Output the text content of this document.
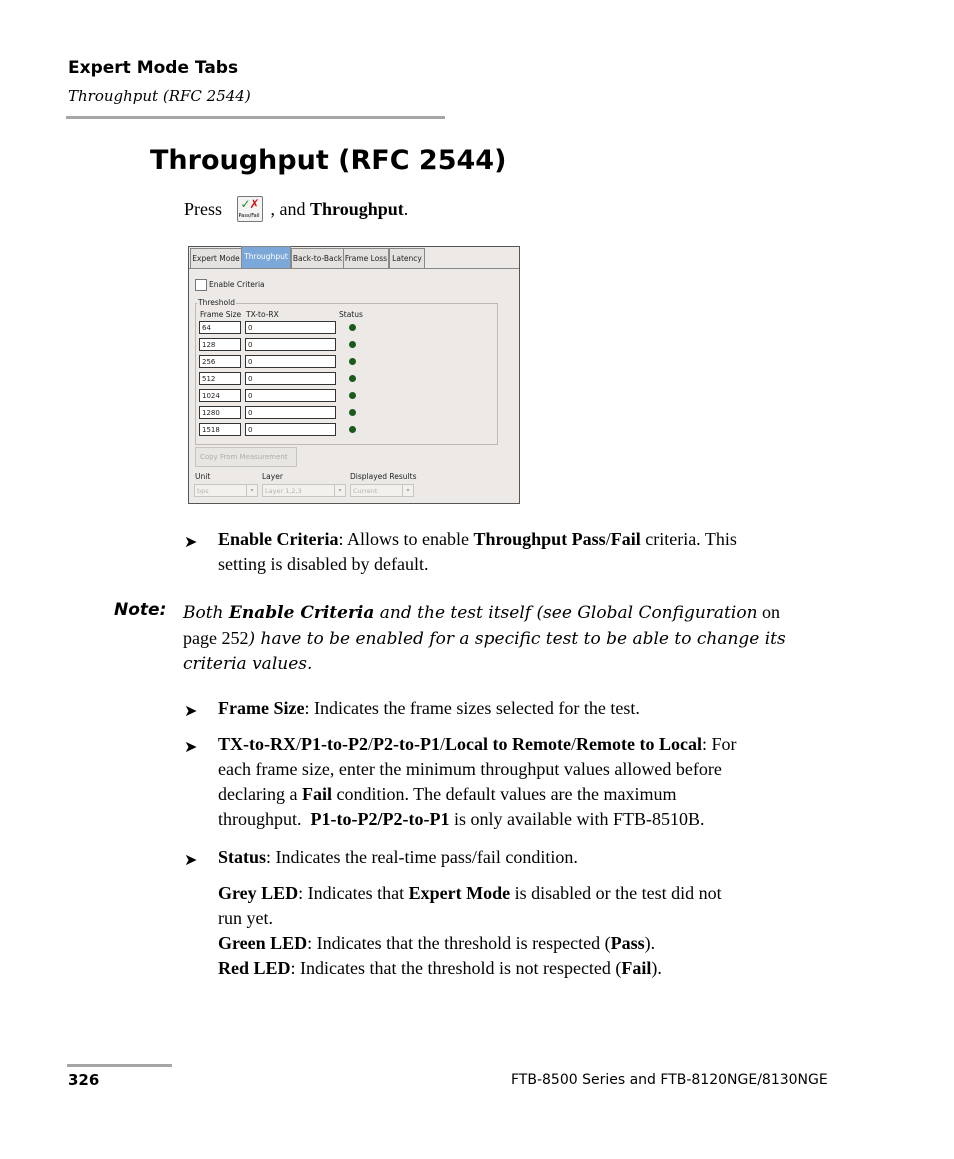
Expert Mode Tabs
Throughput (RFC 2544)
Throughput (RFC 2544)
Press ✓
✗
Pass/Fail , and Throughput.
Expert Mode Throughput Back-to-Back Frame Loss Latency
Enable Criteria
Threshold
Frame Size TX-to-RX	Status
64	0
128	0
256	0
512	0
1024	0
1280	0
1518	0
Copy From Measurement
Unit	Layer	Displayed Results
bps	▾	Layer 1,2,3	▾	Current	▾
➤ Enable Criteria: Allows to enable Throughput Pass/Fail criteria. This
setting is disabled by default.
Note: Both Enable Criteria and the test itself (see Global Configuration on
page 252) have to be enabled for a specific test to be able to change its
criteria values.
➤ Frame Size: Indicates the frame sizes selected for the test.
➤ TX-to-RX/P1-to-P2/P2-to-P1/Local to Remote/Remote to Local: For
each frame size, enter the minimum throughput values allowed before
declaring a Fail condition. The default values are the maximum
throughput.  P1-to-P2/P2-to-P1 is only available with FTB-8510B.
➤ Status: Indicates the real-time pass/fail condition.
Grey LED: Indicates that Expert Mode is disabled or the test did not
run yet.
Green LED: Indicates that the threshold is respected (Pass).
Red LED: Indicates that the threshold is not respected (Fail).
326	FTB-8500 Series and FTB-8120NGE/8130NGE
